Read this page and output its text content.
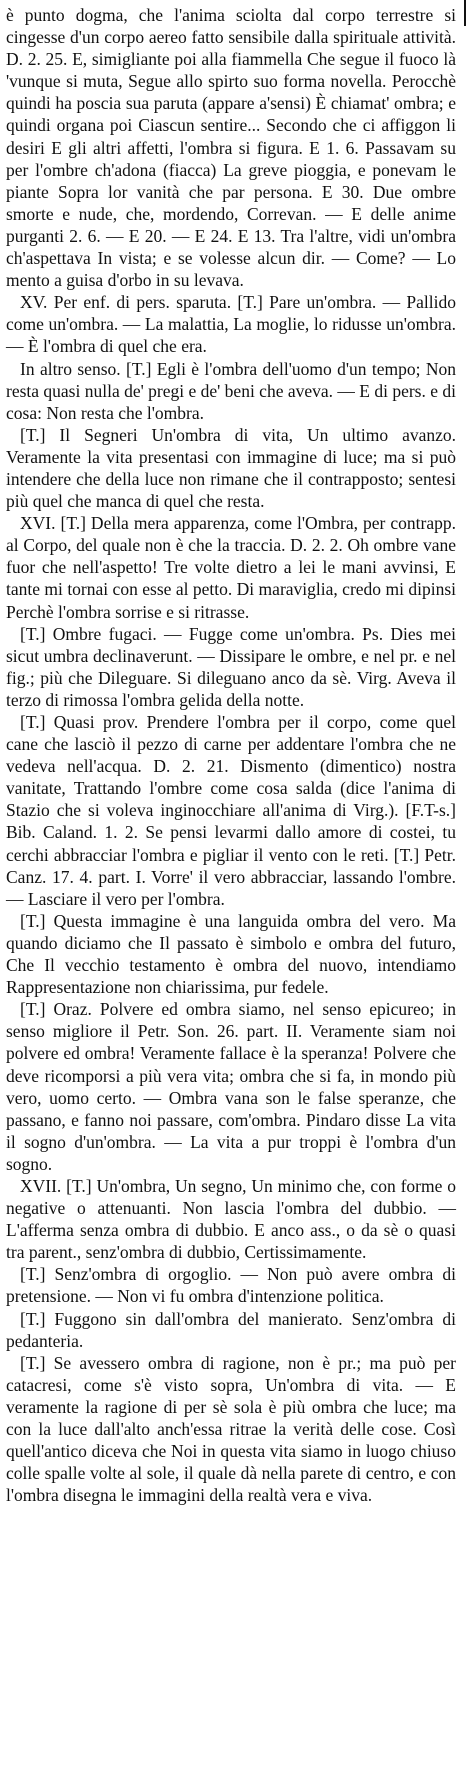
è punto dogma, che l'anima sciolta dal corpo terrestre si cingesse d'un corpo aereo fatto sensibile dalla spirituale attività. D. 2. 25. E, simigliante poi alla fiammella Che segue il fuoco là 'vunque si muta, Segue allo spirto suo forma novella. Perocchè quindi ha poscia sua paruta (appare a'sensi) È chiamat' ombra; e quindi organa poi Ciascun sentire... Secondo che ci affiggon li desiri E gli altri affetti, l'ombra si figura. E 1. 6. Passavam su per l'ombre ch'adona (fiacca) La greve pioggia, e ponevam le piante Sopra lor vanità che par persona. E 30. Due ombre smorte e nude, che, mordendo, Correvan. — E delle anime purganti 2. 6. — E 20. — E 24. E 13. Tra l'altre, vidi un'ombra ch'aspettava In vista; e se volesse alcun dir. — Come? — Lo mento a guisa d'orbo in su levava.

XV. Per enf. di pers. sparuta. [T.] Pare un'ombra. — Pallido come un'ombra. — La malattia, La moglie, lo ridusse un'ombra. — È l'ombra di quel che era.

In altro senso. [T.] Egli è l'ombra dell'uomo d'un tempo; Non resta quasi nulla de' pregi e de' beni che aveva. — E di pers. e di cosa: Non resta che l'ombra.

[T.] Il Segneri Un'ombra di vita, Un ultimo avanzo. Veramente la vita presentasi con immagine di luce; ma si può intendere che della luce non rimane che il contrapposto; sentesi più quel che manca di quel che resta.

XVI. [T.] Della mera apparenza, come l'Ombra, per contrapp. al Corpo, del quale non è che la traccia. D. 2. 2. Oh ombre vane fuor che nell'aspetto! Tre volte dietro a lei le mani avvinsi, E tante mi tornai con esse al petto. Di maraviglia, credo mi dipinsi Perchè l'ombra sorrise e si ritrasse.

[T.] Ombre fugaci. — Fugge come un'ombra. Ps. Dies mei sicut umbra declinaverunt. — Dissipare le ombre, e nel pr. e nel fig.; più che Dileguare. Si dileguano anco da sè. Virg. Aveva il terzo di rimossa l'ombra gelida della notte.

[T.] Quasi prov. Prendere l'ombra per il corpo, come quel cane che lasciò il pezzo di carne per addentare l'ombra che ne vedeva nell'acqua. D. 2. 21. Dismento (dimentico) nostra vanitate, Trattando l'ombre come cosa salda (dice l'anima di Stazio che si voleva inginocchiare all'anima di Virg.). [F.T-s.] Bib. Caland. 1. 2. Se pensi levarmi dallo amore di costei, tu cerchi abbracciar l'ombra e pigliar il vento con le reti. [T.] Petr. Canz. 17. 4. part. I. Vorre' il vero abbracciar, lassando l'ombre. — Lasciare il vero per l'ombra.

[T.] Questa immagine è una languida ombra del vero. Ma quando diciamo che Il passato è simbolo e ombra del futuro, Che Il vecchio testamento è ombra del nuovo, intendiamo Rappresentazione non chiarissima, pur fedele.

[T.] Oraz. Polvere ed ombra siamo, nel senso epicureo; in senso migliore il Petr. Son. 26. part. II. Veramente siam noi polvere ed ombra! Veramente fallace è la speranza! Polvere che deve ricomporsi a più vera vita; ombra che si fa, in mondo più vero, uomo certo. — Ombra vana son le false speranze, che passano, e fanno noi passare, com'ombra. Pindaro disse La vita il sogno d'un'ombra. — La vita a pur troppi è l'ombra d'un sogno.

XVII. [T.] Un'ombra, Un segno, Un minimo che, con forme o negative o attenuanti. Non lascia l'ombra del dubbio. — L'afferma senza ombra di dubbio. E anco ass., o da sè o quasi tra parent., senz'ombra di dubbio, Certissimamente.

[T.] Senz'ombra di orgoglio. — Non può avere ombra di pretensione. — Non vi fu ombra d'intenzione politica.

[T.] Fuggono sin dall'ombra del manierato. Senz'ombra di pedanteria.

[T.] Se avessero ombra di ragione, non è pr.; ma può per catacresi, come s'è visto sopra, Un'ombra di vita. — E veramente la ragione di per sè sola è più ombra che luce; ma con la luce dall'alto anch'essa ritrae la verità delle cose. Così quell'antico diceva che Noi in questa vita siamo in luogo chiuso colle spalle volte al sole, il quale dà nella parete di centro, e con l'ombra disegna le immagini della realtà vera e viva.
